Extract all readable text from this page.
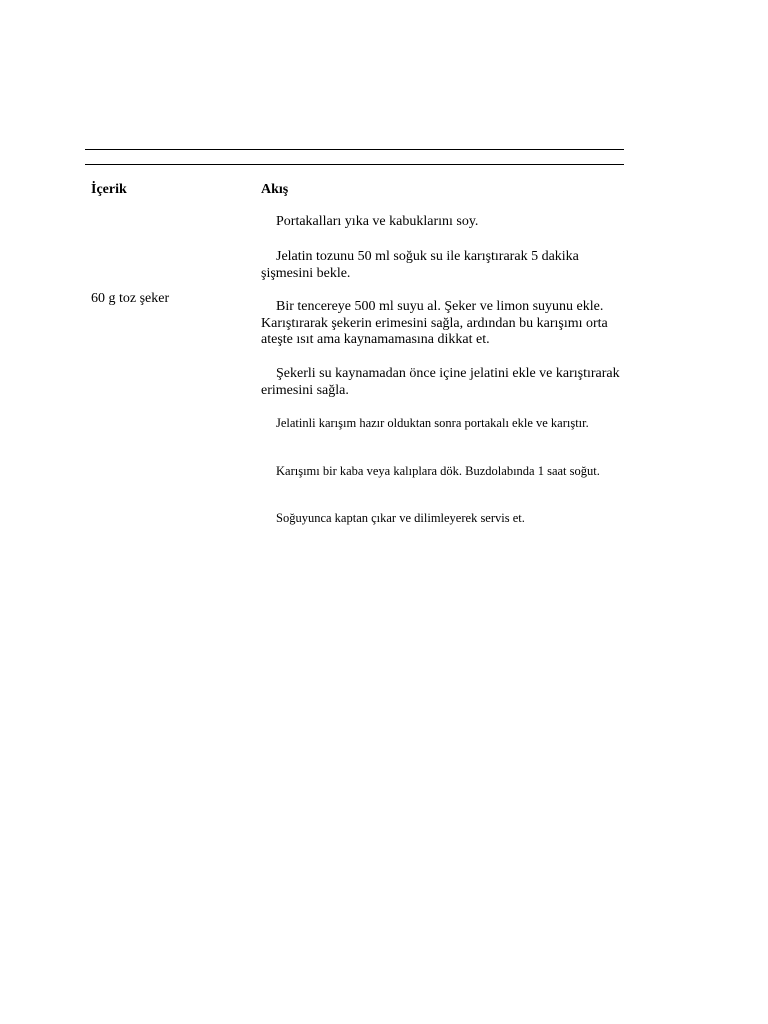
İçerik	Akış
60 g toz şeker

Portakalları yıka ve kabuklarını soy.

Jelatin tozunu 50 ml soğuk su ile karıştırarak 5 dakika şişmesini bekle.

Bir tencereye 500 ml suyu al. Şeker ve limon suyunu ekle. Karıştırarak şekerin erimesini sağla, ardından bu karışımı orta ateşte ısıt ama kaynamamasına dikkat et.

Şekerli su kaynamadan önce içine jelatini ekle ve karıştırarak erimesini sağla.

Jelatinli karışım hazır olduktan sonra portakalı ekle ve karıştır.

Karışımı bir kaba veya kalıplara dök. Buzdolabında 1 saat soğut.

Soğuyunca kaptan çıkar ve dilimleyerek servis et.
